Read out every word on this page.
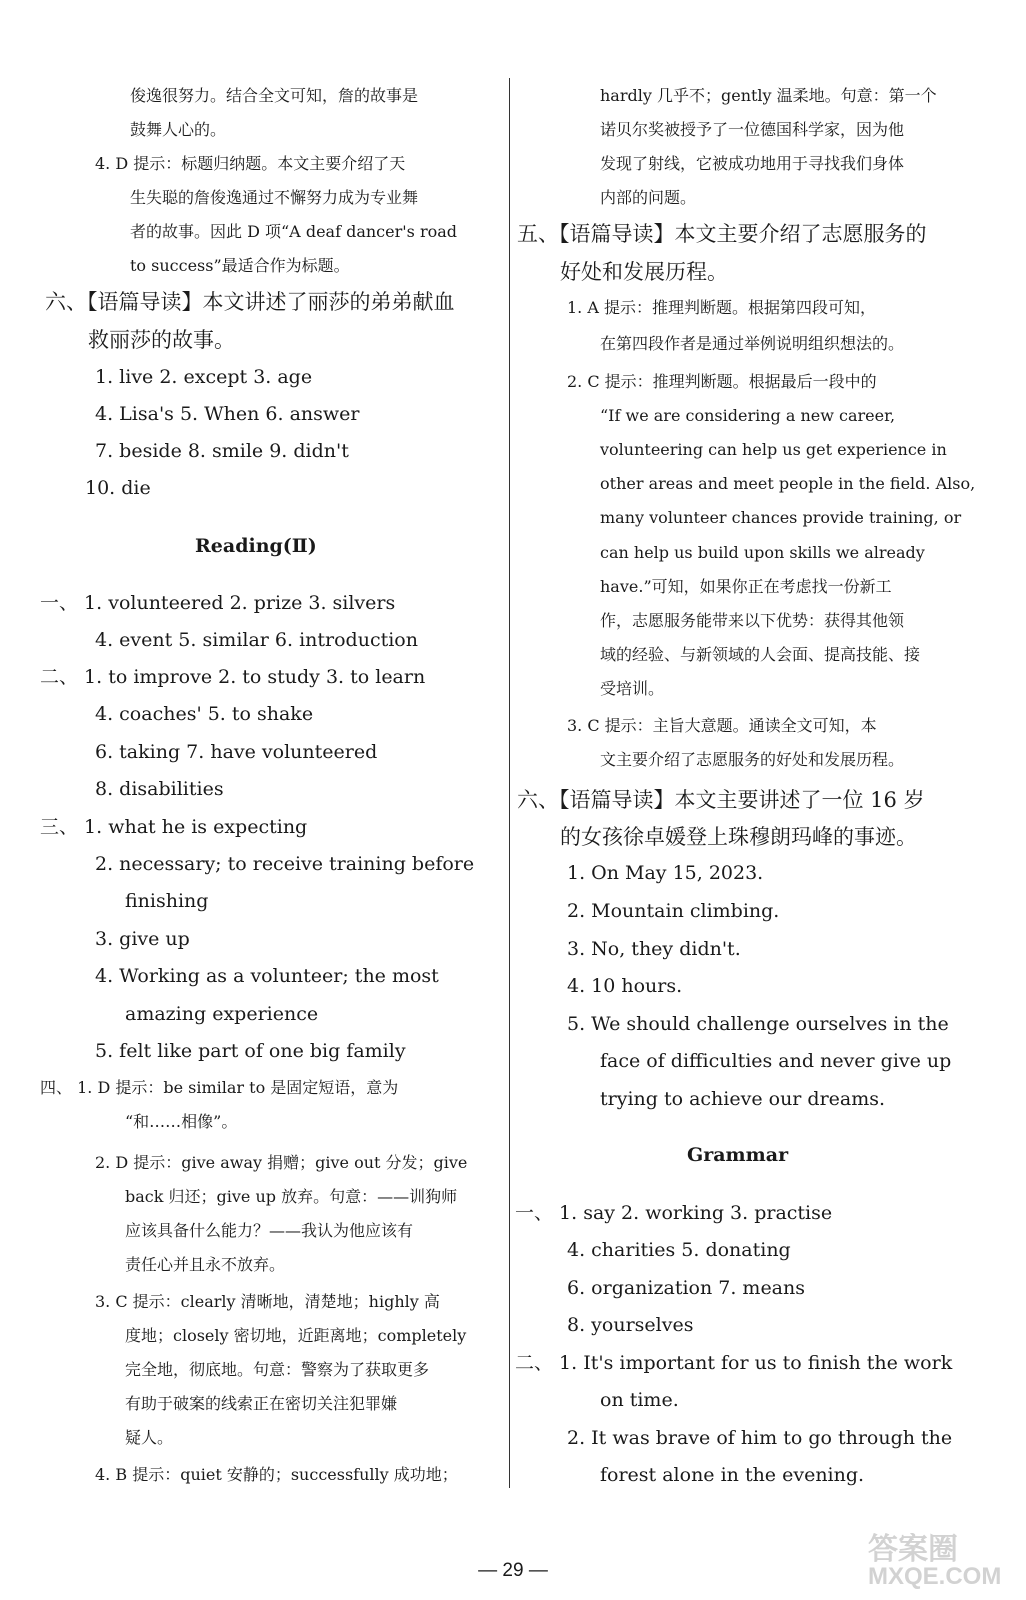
俊逸很努力。结合全文可知，詹的故事是
鼓舞人心的。
4. D 提示：标题归纳题。本文主要介绍了天
生失聪的詹俊逸通过不懈努力成为专业舞
者的故事。因此 D 项“A deaf dancer's road
to success”最适合作为标题。
六、【语篇导读】本文讲述了丽莎的弟弟献血
救丽莎的故事。
1. live 2. except 3. age
4. Lisa's 5. When 6. answer
7. beside 8. smile 9. didn't
10. die
Reading(Ⅱ)
一、 1. volunteered 2. prize 3. silvers
4. event 5. similar 6. introduction
二、 1. to improve 2. to study 3. to learn
4. coaches' 5. to shake
6. taking 7. have volunteered
8. disabilities
三、 1. what he is expecting
2. necessary; to receive training before
finishing
3. give up
4. Working as a volunteer; the most
amazing experience
5. felt like part of one big family
四、 1. D 提示：be similar to 是固定短语，意为
“和……相像”。
2. D 提示：give away 捐赠；give out 分发；give
back 归还；give up 放弃。句意：——训狗师
应该具备什么能力？——我认为他应该有
责任心并且永不放弃。
3. C 提示：clearly 清晰地，清楚地；highly 高
度地；closely 密切地，近距离地；completely
完全地，彻底地。句意：警察为了获取更多
有助于破案的线索正在密切关注犯罪嫌
疑人。
4. B 提示：quiet 安静的；successfully 成功地；
hardly 几乎不；gently 温柔地。句意：第一个
诺贝尔奖被授予了一位德国科学家，因为他
发现了射线，它被成功地用于寻找我们身体
内部的问题。
五、【语篇导读】本文主要介绍了志愿服务的
好处和发展历程。
1. A 提示：推理判断题。根据第四段可知，
在第四段作者是通过举例说明组织想法的。
2. C 提示：推理判断题。根据最后一段中的
“If we are considering a new career,
volunteering can help us get experience in
other areas and meet people in the field. Also,
many volunteer chances provide training, or
can help us build upon skills we already
have.”可知，如果你正在考虑找一份新工
作，志愿服务能带来以下优势：获得其他领
域的经验、与新领域的人会面、提高技能、接
受培训。
3. C 提示：主旨大意题。通读全文可知，本
文主要介绍了志愿服务的好处和发展历程。
六、【语篇导读】本文主要讲述了一位 16 岁
的女孩徐卓媛登上珠穆朗玛峰的事迹。
1. On May 15, 2023.
2. Mountain climbing.
3. No, they didn't.
4. 10 hours.
5. We should challenge ourselves in the
face of difficulties and never give up
trying to achieve our dreams.
Grammar
一、 1. say 2. working 3. practise
4. charities 5. donating
6. organization 7. means
8. yourselves
二、 1. It's important for us to finish the work
on time.
2. It was brave of him to go through the
forest alone in the evening.
— 29 —
答案圈
MXQE.COM
